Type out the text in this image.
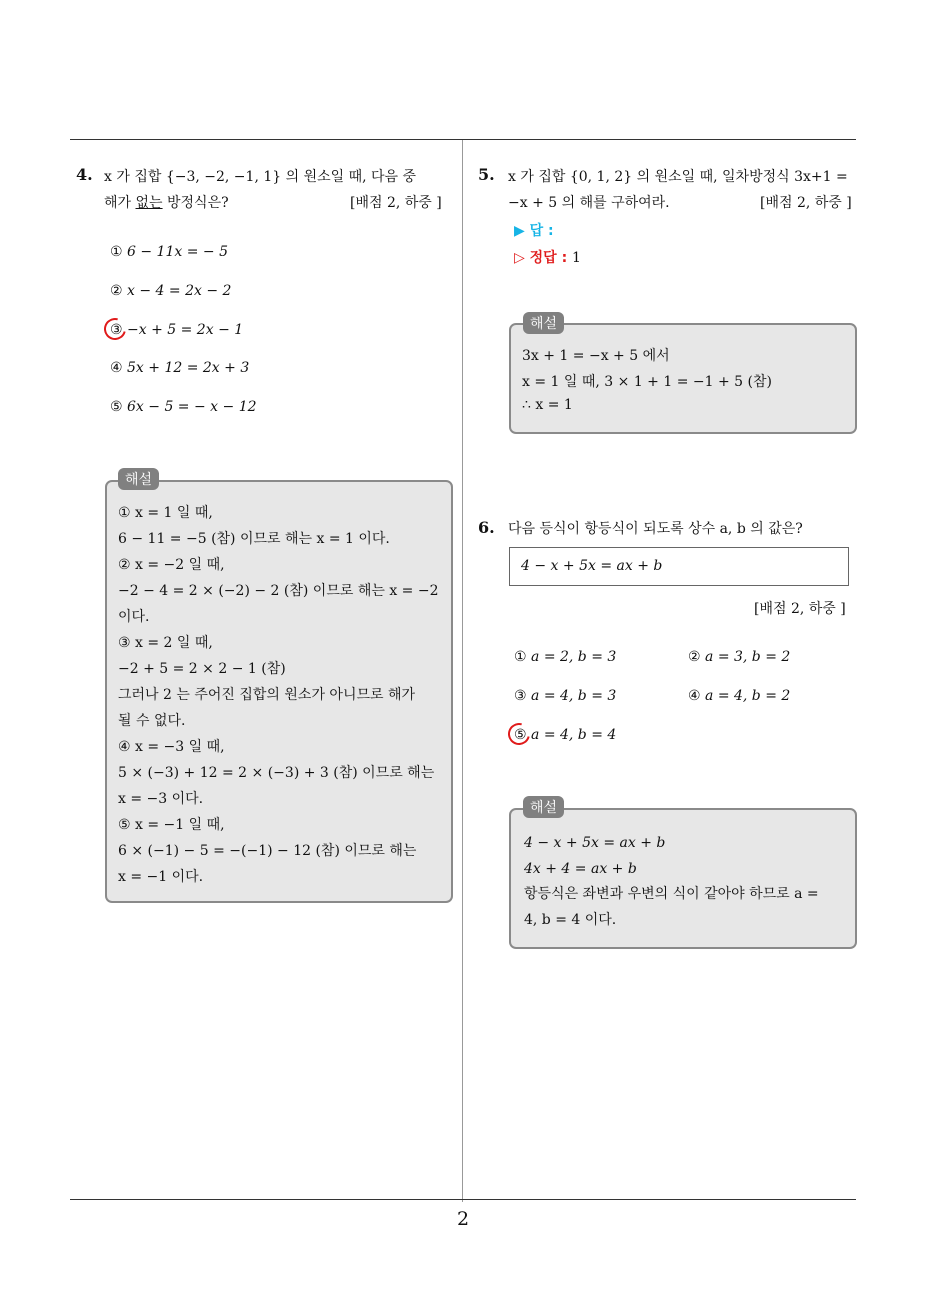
2
4. x 가 집합 {−3, −2, −1, 1} 의 원소일 때, 다음 중
해가 없는 방정식은?	[배점 2, 하중 ]
① 6 − 11x = − 5
② x − 4 = 2x − 2
③ −x + 5 = 2x − 1
④ 5x + 12 = 2x + 3
⑤ 6x − 5 = − x − 12
해설
① x = 1 일 때,
6 − 11 = −5 (참) 이므로 해는 x = 1 이다.
② x = −2 일 때,
−2 − 4 = 2 × (−2) − 2 (참) 이므로 해는 x = −2
이다.
③ x = 2 일 때,
−2 + 5 = 2 × 2 − 1 (참)
그러나 2 는 주어진 집합의 원소가 아니므로 해가
될 수 없다.
④ x = −3 일 때,
5 × (−3) + 12 = 2 × (−3) + 3 (참) 이므로 해는
x = −3 이다.
⑤ x = −1 일 때,
6 × (−1) − 5 = −(−1) − 12 (참) 이므로 해는
x = −1 이다.
5. x 가 집합 {0, 1, 2} 의 원소일 때, 일차방정식 3x+1 =
−x + 5 의 해를 구하여라.	[배점 2, 하중 ]
▶ 답 :
▷ 정답 : 1
해설
3x + 1 = −x + 5 에서
x = 1 일 때, 3 × 1 + 1 = −1 + 5 (참)
∴ x = 1
6. 다음 등식이 항등식이 되도록 상수 a, b 의 값은?
4 − x + 5x = ax + b
[배점 2, 하중 ]
① a = 2, b = 3	② a = 3, b = 2
③ a = 4, b = 3	④ a = 4, b = 2
⑤ a = 4, b = 4
해설
4 − x + 5x = ax + b
4x + 4 = ax + b
항등식은 좌변과 우변의 식이 같아야 하므로 a =
4, b = 4 이다.
